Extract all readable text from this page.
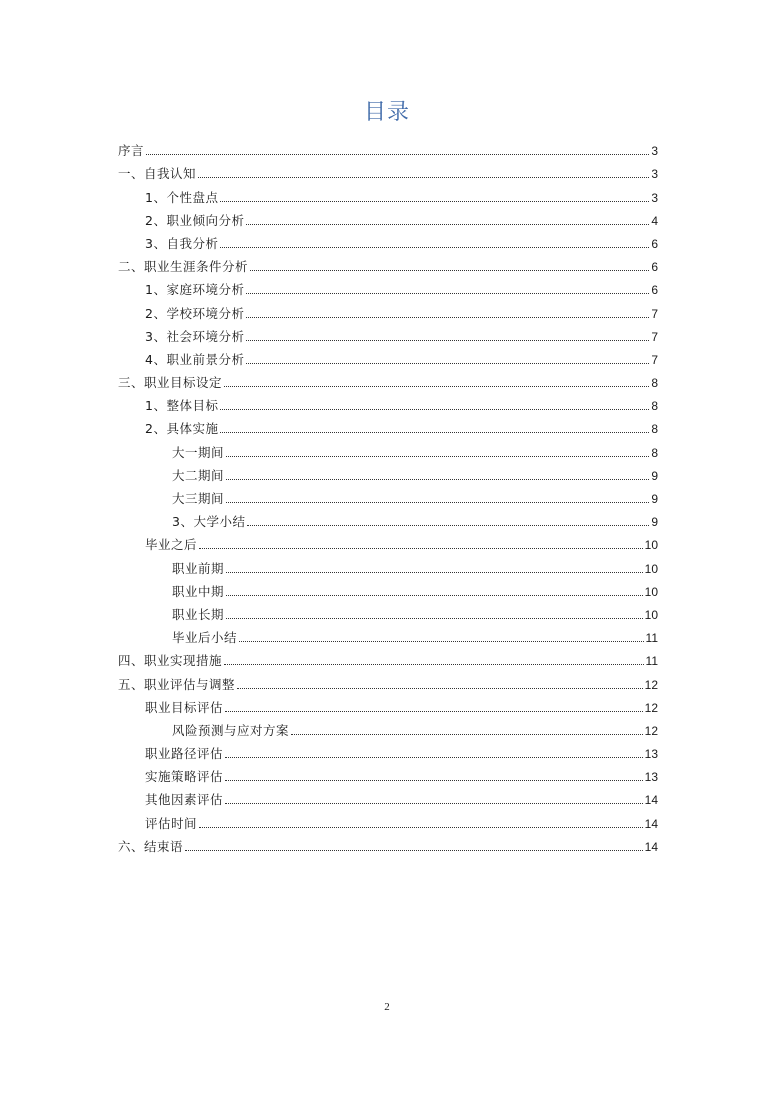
目录
序言	3
一、自我认知	3
1、个性盘点	3
2、职业倾向分析	4
3、自我分析	6
二、职业生涯条件分析	6
1、家庭环境分析	6
2、学校环境分析	7
3、社会环境分析	7
4、职业前景分析	7
三、职业目标设定	8
1、整体目标	8
2、具体实施	8
大一期间	8
大二期间	9
大三期间	9
3、大学小结	9
毕业之后	10
职业前期	10
职业中期	10
职业长期	10
毕业后小结	11
四、职业实现措施	11
五、职业评估与调整	12
职业目标评估	12
风险预测与应对方案	12
职业路径评估	13
实施策略评估	13
其他因素评估	14
评估时间	14
六、结束语	14
2
